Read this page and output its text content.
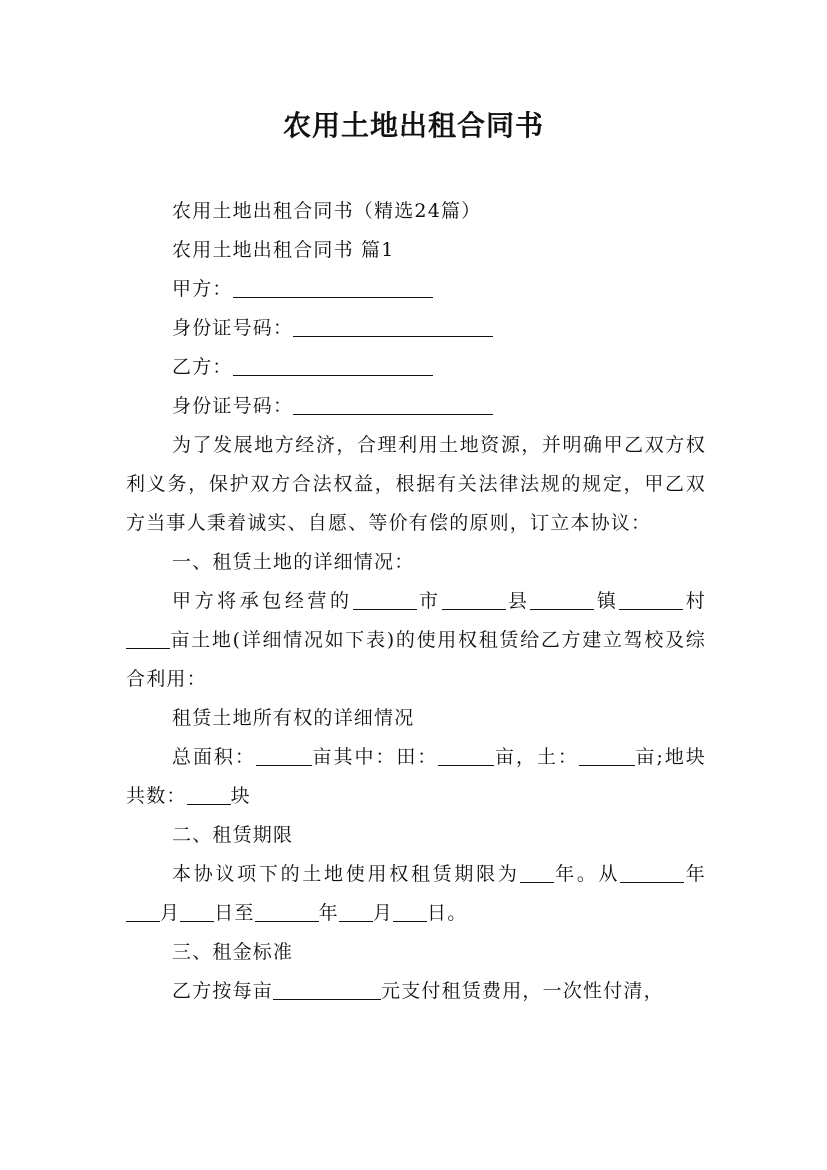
农用土地出租合同书

农用土地出租合同书（精选24篇）

农用土地出租合同书 篇1

甲方：

身份证号码：

乙方：

身份证号码：

为了发展地方经济，合理利用土地资源，并明确甲乙双方权利义务，保护双方合法权益，根据有关法律法规的规定，甲乙双方当事人秉着诚实、自愿、等价有偿的原则，订立本协议：

一、租赁土地的详细情况：

甲方将承包经营的	市	县	镇	村亩土地(详细情况如下表)的使用权租赁给乙方建立驾校及综合利用：

租赁土地所有权的详细情况

总面积：	亩其中：田：	亩，土：	亩;地块共数： 块

二、租赁期限

本协议项下的土地使用权租赁期限为 年。从	年月 日至	年 月 日。

三、租金标准

乙方按每亩	元支付租赁费用，一次性付清，
